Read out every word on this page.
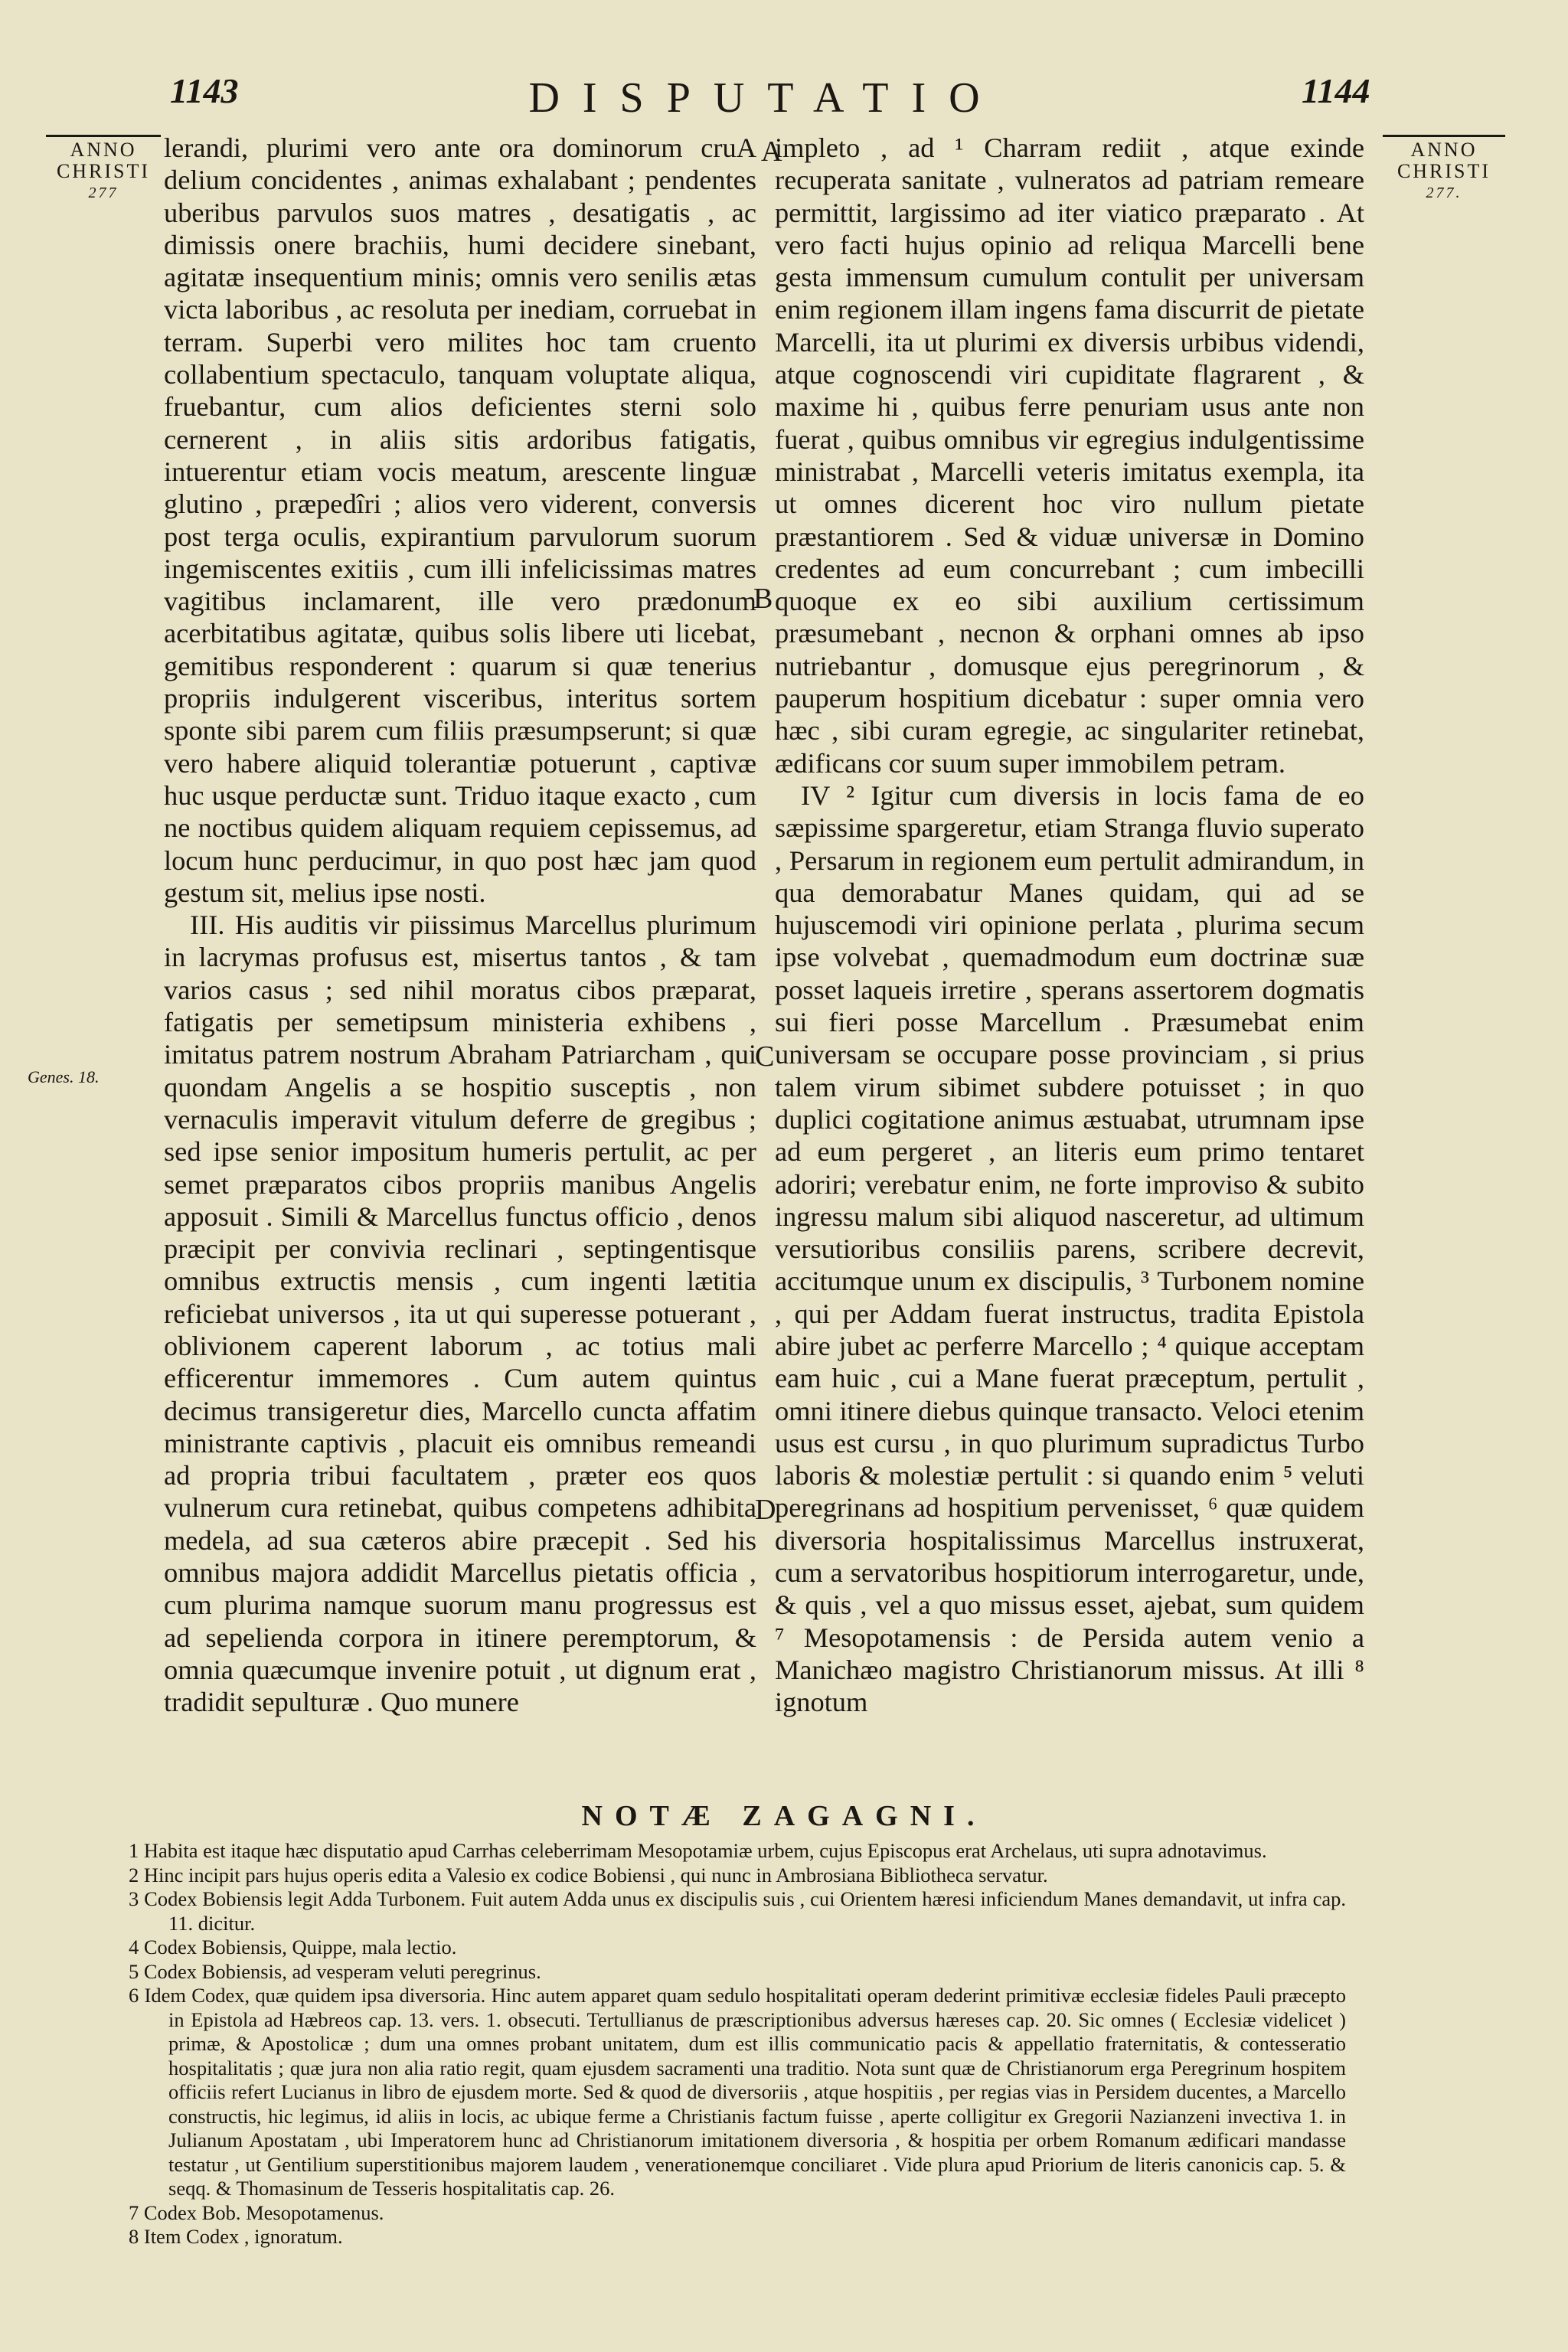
1143	DISPUTATIO	1144
ANNO
CHRISTI
277
ANNO
CHRISTI
277.
Genes. 18.

lerandi, plurimi vero ante ora dominorum cruA delium concidentes , animas exhalabant ; pendentes uberibus parvulos suos matres , desatigatis , ac dimissis onere brachiis, humi decidere sinebant, agitatæ insequentium minis; omnis vero senilis ætas victa laboribus , ac resoluta per inediam, corruebat in terram. Superbi vero milites hoc tam cruento collabentium spectaculo, tanquam voluptate aliqua, fruebantur, cum alios deficientes sterni solo cernerent , in aliis sitis ardoribus fatigatis, intuerentur etiam vocis meatum, arescente linguæ glutino , præpedîri ; alios vero viderent, conversis post terga oculis, expirantium parvulorum suorum ingemiscentes exitiis , cum illi infelicissimas matres vagitibus inclamarent, ille vero prædonum acerbitatibus agitatæ, quibus solis libere uti licebat, gemitibus responderent : quarum si quæ tenerius propriis indulgerent visceribus, interitus sortem sponte sibi parem cum filiis præsumpserunt; si quæ vero habere aliquid tolerantiæ potuerunt , captivæ huc usque perductæ sunt. Triduo itaque exacto , cum ne noctibus quidem aliquam requiem cepissemus, ad locum hunc perducimur, in quo post hæc jam quod gestum sit, melius ipse nosti.

III. His auditis vir piissimus Marcellus plurimum in lacrymas profusus est, misertus tantos , & tam varios casus ; sed nihil moratus cibos præparat, fatigatis per semetipsum ministeria exhibens , imitatus patrem nostrum Abraham Patriarcham , qui quondam Angelis a se hospitio susceptis , non vernaculis imperavit vitulum deferre de gregibus ; sed ipse senior impositum humeris pertulit, ac per semet præparatos cibos propriis manibus Angelis apposuit . Simili & Marcellus functus officio , denos præcipit per convivia reclinari , septingentisque omnibus extructis mensis , cum ingenti lætitia reficiebat universos , ita ut qui superesse potuerant , oblivionem caperent laborum , ac totius mali efficerentur immemores . Cum autem quintus decimus transigeretur dies, Marcello cuncta affatim ministrante captivis , placuit eis omnibus remeandi ad propria tribui facultatem , præter eos quos vulnerum cura retinebat, quibus competens adhibita medela, ad sua cæteros abire præcepit . Sed his omnibus majora addidit Marcellus pietatis officia , cum plurima namque suorum manu progressus est ad sepelienda corpora in itinere peremptorum, & omnia quæcumque invenire potuit , ut dignum erat , tradidit sepulturæ . Quo munere

A
B
C
D

impleto , ad ¹ Charram rediit , atque exinde recuperata sanitate , vulneratos ad patriam remeare permittit, largissimo ad iter viatico præparato . At vero facti hujus opinio ad reliqua Marcelli bene gesta immensum cumulum contulit per universam enim regionem illam ingens fama discurrit de pietate Marcelli, ita ut plurimi ex diversis urbibus videndi, atque cognoscendi viri cupiditate flagrarent , & maxime hi , quibus ferre penuriam usus ante non fuerat , quibus omnibus vir egregius indulgentissime ministrabat , Marcelli veteris imitatus exempla, ita ut omnes dicerent hoc viro nullum pietate præstantiorem . Sed & viduæ universæ in Domino credentes ad eum concurrebant ; cum imbecilli quoque ex eo sibi auxilium certissimum præsumebant , necnon & orphani omnes ab ipso nutriebantur , domusque ejus peregrinorum , & pauperum hospitium dicebatur : super omnia vero hæc , sibi curam egregie, ac singulariter retinebat, ædificans cor suum super immobilem petram.

IV ² Igitur cum diversis in locis fama de eo sæpissime spargeretur, etiam Stranga fluvio superato , Persarum in regionem eum pertulit admirandum, in qua demorabatur Manes quidam, qui ad se hujuscemodi viri opinione perlata , plurima secum ipse volvebat , quemadmodum eum doctrinæ suæ posset laqueis irretire , sperans assertorem dogmatis sui fieri posse Marcellum . Præsumebat enim universam se occupare posse provinciam , si prius talem virum sibimet subdere potuisset ; in quo duplici cogitatione animus æstuabat, utrumnam ipse ad eum pergeret , an literis eum primo tentaret adoriri; verebatur enim, ne forte improviso & subito ingressu malum sibi aliquod nasceretur, ad ultimum versutioribus consiliis parens, scribere decrevit, accitumque unum ex discipulis, ³ Turbonem nomine , qui per Addam fuerat instructus, tradita Epistola abire jubet ac perferre Marcello ; ⁴ quique acceptam eam huic , cui a Mane fuerat præceptum, pertulit , omni itinere diebus quinque transacto. Veloci etenim usus est cursu , in quo plurimum supradictus Turbo laboris & molestiæ pertulit : si quando enim ⁵ veluti peregrinans ad hospitium pervenisset, ⁶ quæ quidem diversoria hospitalissimus Marcellus instruxerat, cum a servatoribus hospitiorum interrogaretur, unde, & quis , vel a quo missus esset, ajebat, sum quidem ⁷ Mesopotamensis : de Persida autem venio a Manichæo magistro Christianorum missus. At illi ⁸ ignotum

NOTÆ ZAGAGNI.

1 Habita est itaque hæc disputatio apud Carrhas celeberrimam Mesopotamiæ urbem, cujus Episcopus erat Archelaus, uti supra adnotavimus.

2 Hinc incipit pars hujus operis edita a Valesio ex codice Bobiensi , qui nunc in Ambrosiana Bibliotheca servatur.

3 Codex Bobiensis legit Adda Turbonem. Fuit autem Adda unus ex discipulis suis , cui Orientem hæresi inficiendum Manes demandavit, ut infra cap. 11. dicitur.

4 Codex Bobiensis, Quippe, mala lectio.

5 Codex Bobiensis, ad vesperam veluti peregrinus.

6 Idem Codex, quæ quidem ipsa diversoria. Hinc autem apparet quam sedulo hospitalitati operam dederint primitivæ ecclesiæ fideles Pauli præcepto in Epistola ad Hæbreos cap. 13. vers. 1. obsecuti. Tertullianus de præscriptionibus adversus hæreses cap. 20. Sic omnes ( Ecclesiæ videlicet ) primæ, & Apostolicæ ; dum una omnes probant unitatem, dum est illis communicatio pacis & appellatio fraternitatis, & contesseratio hospitalitatis ; quæ jura non alia ratio regit, quam ejusdem sacramenti una traditio. Nota sunt quæ de Christianorum erga Peregrinum hospitem officiis refert Lucianus in libro de ejusdem morte. Sed & quod de diversoriis , atque hospitiis , per regias vias in Persidem ducentes, a Marcello constructis, hic legimus, id aliis in locis, ac ubique ferme a Christianis factum fuisse , aperte colligitur ex Gregorii Nazianzeni invectiva 1. in Julianum Apostatam , ubi Imperatorem hunc ad Christianorum imitationem diversoria , & hospitia per orbem Romanum ædificari mandasse testatur , ut Gentilium superstitionibus majorem laudem , venerationemque conciliaret . Vide plura apud Priorium de literis canonicis cap. 5. & seqq. & Thomasinum de Tesseris hospitalitatis cap. 26.

7 Codex Bob. Mesopotamenus.

8 Item Codex , ignoratum.
